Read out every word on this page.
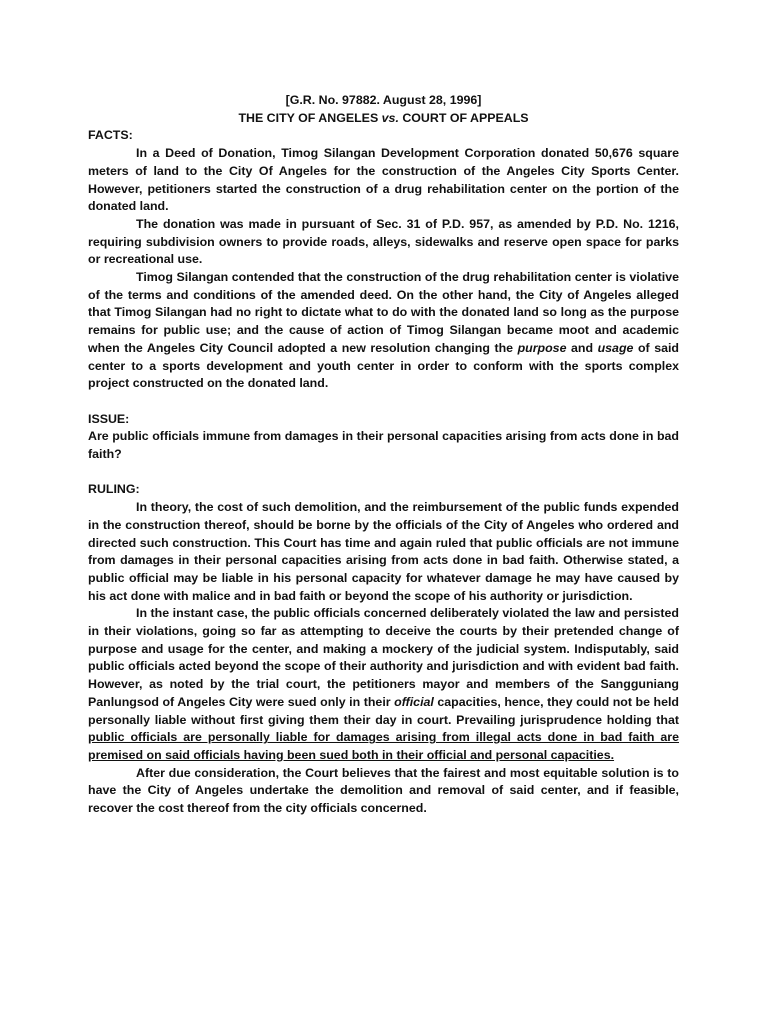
[G.R. No. 97882. August 28, 1996]
THE CITY OF ANGELES vs. COURT OF APPEALS
FACTS:

In a Deed of Donation, Timog Silangan Development Corporation donated 50,676 square meters of land to the City Of Angeles for the construction of the Angeles City Sports Center. However, petitioners started the construction of a drug rehabilitation center on the portion of the donated land.

The donation was made in pursuant of Sec. 31 of P.D. 957, as amended by P.D. No. 1216, requiring subdivision owners to provide roads, alleys, sidewalks and reserve open space for parks or recreational use.

Timog Silangan contended that the construction of the drug rehabilitation center is violative of the terms and conditions of the amended deed. On the other hand, the City of Angeles alleged that Timog Silangan had no right to dictate what to do with the donated land so long as the purpose remains for public use; and the cause of action of Timog Silangan became moot and academic when the Angeles City Council adopted a new resolution changing the purpose and usage of said center to a sports development and youth center in order to conform with the sports complex project constructed on the donated land.

ISSUE:

Are public officials immune from damages in their personal capacities arising from acts done in bad faith?

RULING:

In theory, the cost of such demolition, and the reimbursement of the public funds expended in the construction thereof, should be borne by the officials of the City of Angeles who ordered and directed such construction. This Court has time and again ruled that public officials are not immune from damages in their personal capacities arising from acts done in bad faith. Otherwise stated, a public official may be liable in his personal capacity for whatever damage he may have caused by his act done with malice and in bad faith or beyond the scope of his authority or jurisdiction.

In the instant case, the public officials concerned deliberately violated the law and persisted in their violations, going so far as attempting to deceive the courts by their pretended change of purpose and usage for the center, and making a mockery of the judicial system. Indisputably, said public officials acted beyond the scope of their authority and jurisdiction and with evident bad faith. However, as noted by the trial court, the petitioners mayor and members of the Sangguniang Panlungsod of Angeles City were sued only in their official capacities, hence, they could not be held personally liable without first giving them their day in court. Prevailing jurisprudence holding that public officials are personally liable for damages arising from illegal acts done in bad faith are premised on said officials having been sued both in their official and personal capacities.

After due consideration, the Court believes that the fairest and most equitable solution is to have the City of Angeles undertake the demolition and removal of said center, and if feasible, recover the cost thereof from the city officials concerned.
